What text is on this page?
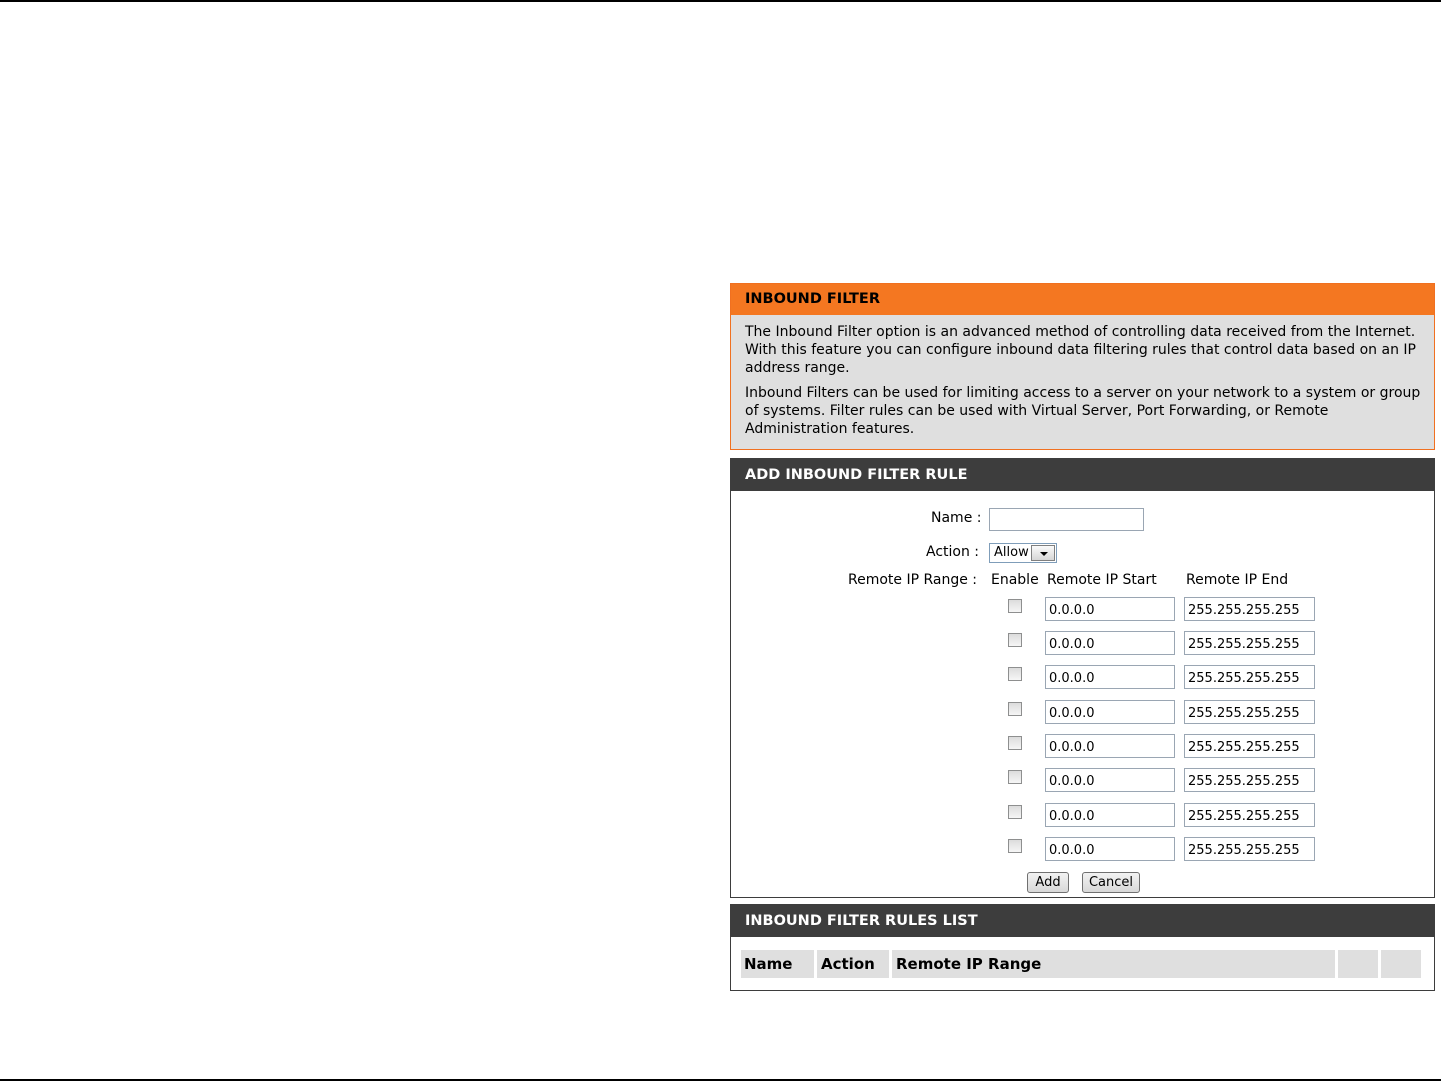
INBOUND FILTER

The Inbound Filter option is an advanced method of controlling data received from the Internet.
With this feature you can configure inbound data filtering rules that control data based on an IP
address range.

Inbound Filters can be used for limiting access to a server on your network to a system or group
of systems. Filter rules can be used with Virtual Server, Port Forwarding, or Remote
Administration features.

ADD INBOUND FILTER RULE
Name :
Action :	Allow
Remote IP Range : Enable Remote IP Start Remote IP End
0.0.0.0
255.255.255.255
0.0.0.0
255.255.255.255
0.0.0.0
255.255.255.255
0.0.0.0
255.255.255.255
0.0.0.0
255.255.255.255
0.0.0.0
255.255.255.255
0.0.0.0
255.255.255.255
0.0.0.0
255.255.255.255
Add	Cancel
INBOUND FILTER RULES LIST
Name Action Remote IP Range
